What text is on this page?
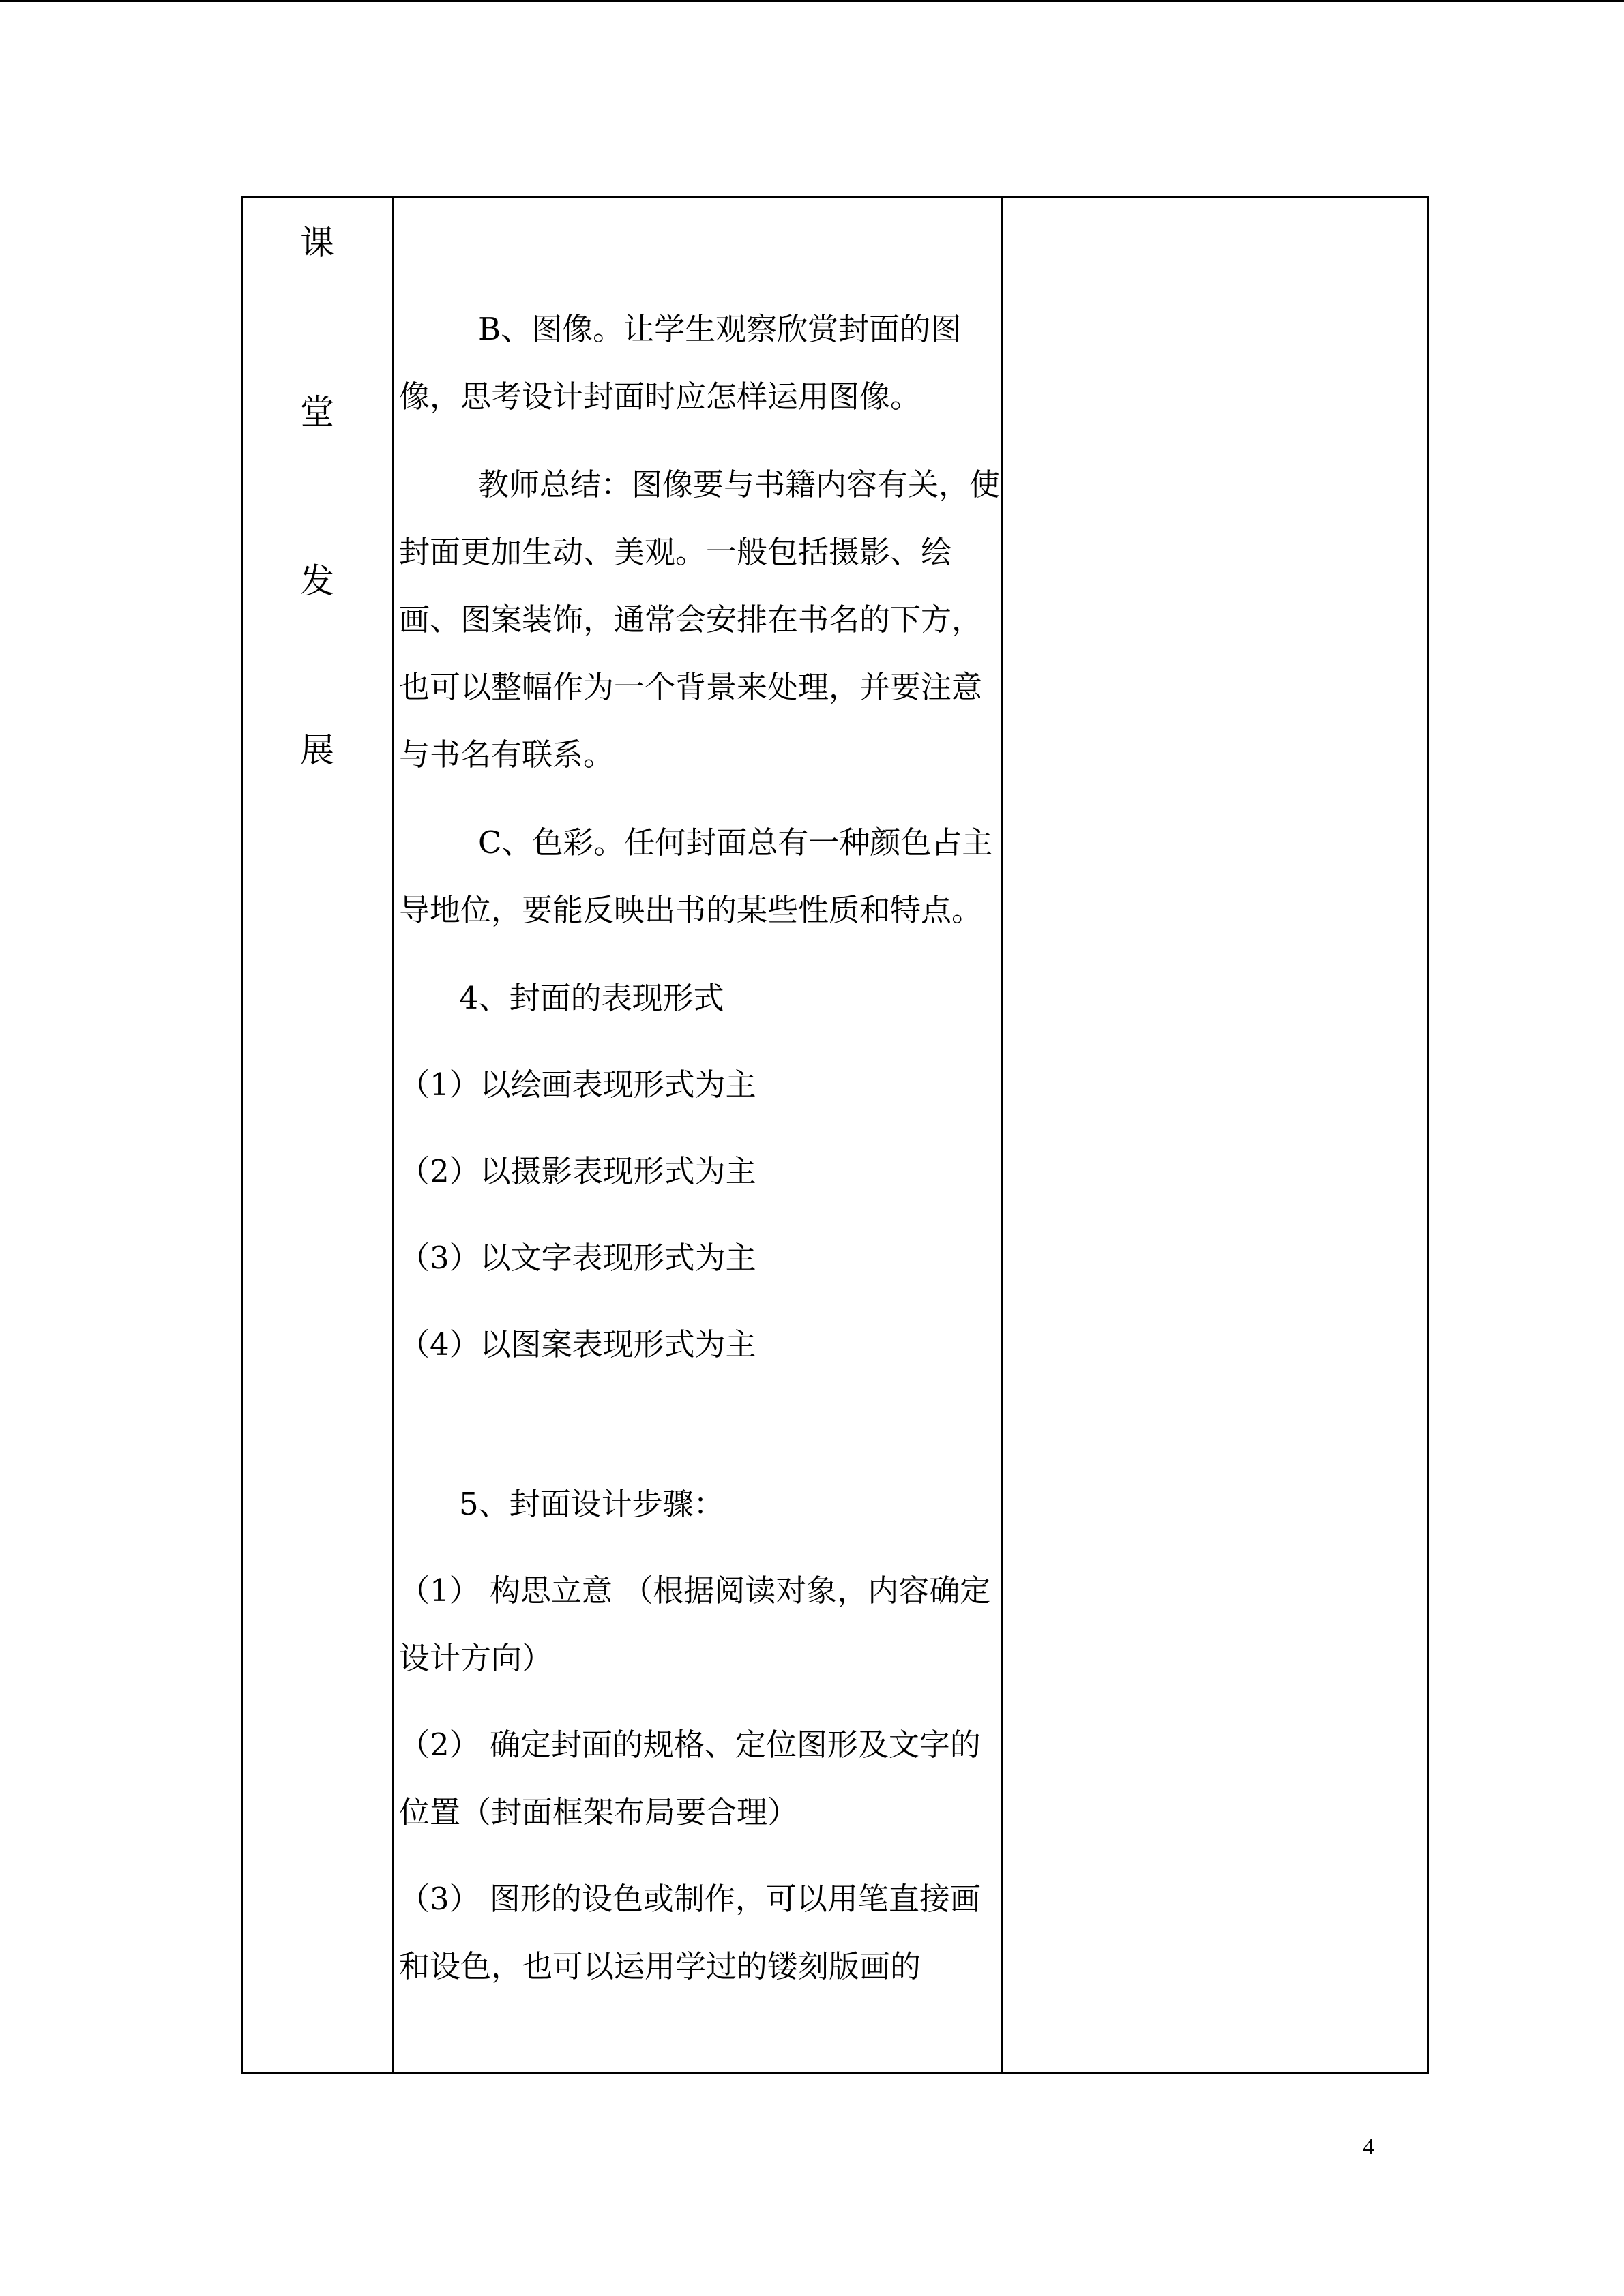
课
堂
发
展

B、图像。让学生观察欣赏封面的图像，思考设计封面时应怎样运用图像。

教师总结：图像要与书籍内容有关，使封面更加生动、美观。一般包括摄影、绘画、图案装饰，通常会安排在书名的下方，也可以整幅作为一个背景来处理，并要注意与书名有联系。

C、色彩。任何封面总有一种颜色占主导地位，要能反映出书的某些性质和特点。

4、封面的表现形式

（1）以绘画表现形式为主

（2）以摄影表现形式为主

（3）以文字表现形式为主

（4）以图案表现形式为主

5、封面设计步骤：

（1） 构思立意 （根据阅读对象，内容确定设计方向）

（2） 确定封面的规格、定位图形及文字的位置（封面框架布局要合理）

（3） 图形的设色或制作，可以用笔直接画和设色，也可以运用学过的镂刻版画的

4
